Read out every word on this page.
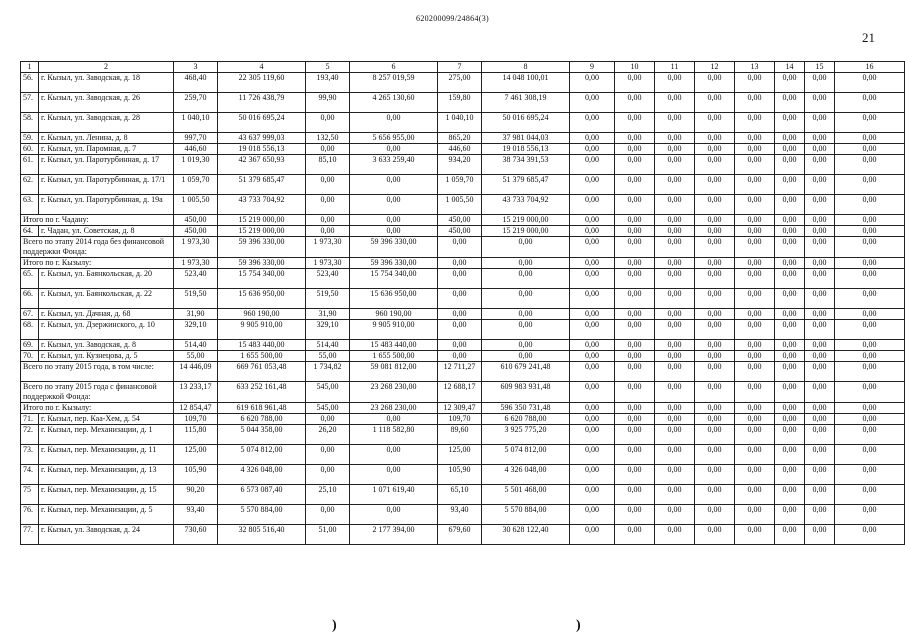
620200099/24864(3)
21
1	2	3	4	5	6	7	8	9	10	11	12	13	14	15	16
56.	г. Кызыл, ул. Заводская, д. 18	468,40	22 305 119,60	193,40	8 257 019,59	275,00	14 048 100,01	0,00	0,00	0,00	0,00	0,00	0,00	0,00	0,00
57.	г. Кызыл, ул. Заводская, д. 26	259,70	11 726 438,79	99,90	4 265 130,60	159,80	7 461 308,19	0,00	0,00	0,00	0,00	0,00	0,00	0,00	0,00
58.	г. Кызыл, ул. Заводская, д. 28	1 040,10	50 016 695,24	0,00	0,00	1 040,10	50 016 695,24	0,00	0,00	0,00	0,00	0,00	0,00	0,00	0,00
59.	г. Кызыл, ул. Ленина, д. 8	997,70	43 637 999,03	132,50	5 656 955,00	865,20	37 981 044,03	0,00	0,00	0,00	0,00	0,00	0,00	0,00	0,00
60.	г. Кызыл, ул. Паромная, д. 7	446,60	19 018 556,13	0,00	0,00	446,60	19 018 556,13	0,00	0,00	0,00	0,00	0,00	0,00	0,00	0,00
61.	г. Кызыл, ул. Паротурбинная, д. 17	1 019,30	42 367 650,93	85,10	3 633 259,40	934,20	38 734 391,53	0,00	0,00	0,00	0,00	0,00	0,00	0,00	0,00
62.	г. Кызыл, ул. Паротурбинная, д. 17/1	1 059,70	51 379 685,47	0,00	0,00	1 059,70	51 379 685,47	0,00	0,00	0,00	0,00	0,00	0,00	0,00	0,00
63.	г. Кызыл, ул. Паротурбинная, д. 19а	1 005,50	43 733 704,92	0,00	0,00	1 005,50	43 733 704,92	0,00	0,00	0,00	0,00	0,00	0,00	0,00	0,00
Итого по г. Чадану:		450,00	15 219 000,00	0,00	0,00	450,00	15 219 000,00	0,00	0,00	0,00	0,00	0,00	0,00	0,00	0,00
64.	г. Чадан, ул. Советская, д. 8	450,00	15 219 000,00	0,00	0,00	450,00	15 219 000,00	0,00	0,00	0,00	0,00	0,00	0,00	0,00	0,00
Всего по этапу 2014 года без финансовой поддержки Фонда:		1 973,30	59 396 330,00	1 973,30	59 396 330,00	0,00	0,00	0,00	0,00	0,00	0,00	0,00	0,00	0,00	0,00
Итого по г. Кызылу:		1 973,30	59 396 330,00	1 973,30	59 396 330,00	0,00	0,00	0,00	0,00	0,00	0,00	0,00	0,00	0,00	0,00
65.	г. Кызыл, ул. Баянкольская, д. 20	523,40	15 754 340,00	523,40	15 754 340,00	0,00	0,00	0,00	0,00	0,00	0,00	0,00	0,00	0,00	0,00
66.	г. Кызыл, ул. Баянкольская, д. 22	519,50	15 636 950,00	519,50	15 636 950,00	0,00	0,00	0,00	0,00	0,00	0,00	0,00	0,00	0,00	0,00
67.	г. Кызыл, ул. Дачная, д. 68	31,90	960 190,00	31,90	960 190,00	0,00	0,00	0,00	0,00	0,00	0,00	0,00	0,00	0,00	0,00
68.	г. Кызыл, ул. Дзержинского, д. 10	329,10	9 905 910,00	329,10	9 905 910,00	0,00	0,00	0,00	0,00	0,00	0,00	0,00	0,00	0,00	0,00
69.	г. Кызыл, ул. Заводская, д. 8	514,40	15 483 440,00	514,40	15 483 440,00	0,00	0,00	0,00	0,00	0,00	0,00	0,00	0,00	0,00	0,00
70.	г. Кызыл, ул. Кузнецова, д. 5	55,00	1 655 500,00	55,00	1 655 500,00	0,00	0,00	0,00	0,00	0,00	0,00	0,00	0,00	0,00	0,00
Всего по этапу 2015 года, в том числе:		14 446,09	669 761 053,48	1 734,82	59 081 812,00	12 711,27	610 679 241,48	0,00	0,00	0,00	0,00	0,00	0,00	0,00	0,00
Всего по этапу 2015 года с финансовой поддержкой Фонда:		13 233,17	633 252 161,48	545,00	23 268 230,00	12 688,17	609 983 931,48	0,00	0,00	0,00	0,00	0,00	0,00	0,00	0,00
Итого по г. Кызылу:		12 854,47	619 618 961,48	545,00	23 268 230,00	12 309,47	596 350 731,48	0,00	0,00	0,00	0,00	0,00	0,00	0,00	0,00
71.	г. Кызыл, пер. Каа-Хем, д. 54	109,70	6 620 788,00	0,00	0,00	109,70	6 620 788,00	0,00	0,00	0,00	0,00	0,00	0,00	0,00	0,00
72.	г. Кызыл, пер. Механизации, д. 1	115,80	5 044 358,00	26,20	1 118 582,80	89,60	3 925 775,20	0,00	0,00	0,00	0,00	0,00	0,00	0,00	0,00
73.	г. Кызыл, пер. Механизации, д. 11	125,00	5 074 812,00	0,00	0,00	125,00	5 074 812,00	0,00	0,00	0,00	0,00	0,00	0,00	0,00	0,00
74.	г. Кызыл, пер. Механизации, д. 13	105,90	4 326 048,00	0,00	0,00	105,90	4 326 048,00	0,00	0,00	0,00	0,00	0,00	0,00	0,00	0,00
75	г. Кызыл, пер. Механизации, д. 15	90,20	6 573 087,40	25,10	1 071 619,40	65,10	5 501 468,00	0,00	0,00	0,00	0,00	0,00	0,00	0,00	0,00
76.	г. Кызыл, пер. Механизации, д. 5	93,40	5 570 884,00	0,00	0,00	93,40	5 570 884,00	0,00	0,00	0,00	0,00	0,00	0,00	0,00	0,00
77.	г. Кызыл, ул. Заводская, д. 24	730,60	32 805 516,40	51,00	2 177 394,00	679,60	30 628 122,40	0,00	0,00	0,00	0,00	0,00	0,00	0,00	0,00
)	)
